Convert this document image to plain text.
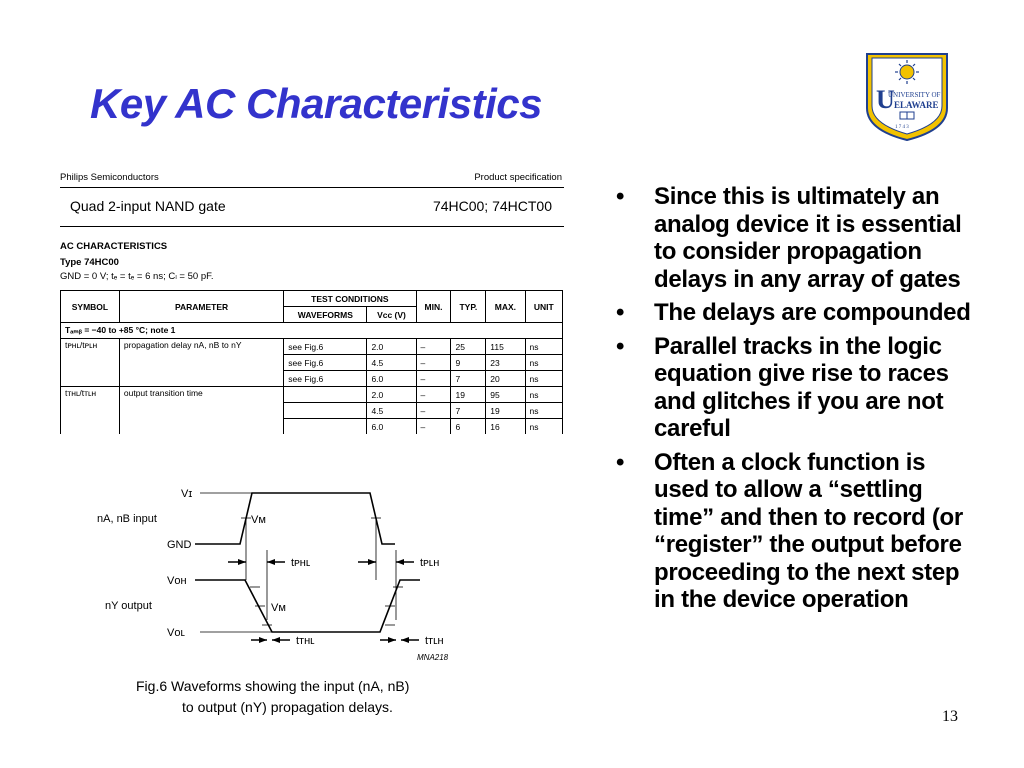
Key AC Characteristics	U
UNIVERSITY OF
ELAWARE
1 7 4 3
Philips Semiconductors	Product specification
Quad 2-input NAND gate	74HC00; 74HCT00
AC CHARACTERISTICS
Type 74HC00
GND = 0 V; tₑ = tₑ = 6 ns; Cₗ = 50 pF.
SYMBOL	PARAMETER	TEST CONDITIONS		MIN.	TYP.	MAX.	UNIT
		WAVEFORMS	Vᴄᴄ (V)				
Tₐₘᵦ = −40 to +85 °C; note 1							
tᴘʜʟ/tᴘʟʜ	propagation delay nA, nB to nY	see Fig.6	2.0	–	25	115	ns
		see Fig.6	4.5	–	9	23	ns
		see Fig.6	6.0	–	7	20	ns
tᴛʜʟ/tᴛʟʜ	output transition time		2.0	–	19	95	ns
			4.5	–	7	19	ns
			6.0	–	6	16	ns
Vɪ
nA, nB input	Vᴍ
GND
tᴘʜʟ	tᴘʟʜ
Vᴏʜ
nY output	Vᴍ
Vᴏʟ
tᴛʜʟ	tᴛʟʜ
MNA218
Fig.6 Waveforms showing the input (nA, nB)
to output (nY) propagation delays.
• Since this is ultimately an analog device it is essential to consider propagation delays in any array of gates
• The delays are compounded
• Parallel tracks in the logic equation give rise to races and glitches if you are not careful
• Often a clock function is used to allow a “settling time” and then to record (or “register” the output before proceeding to the next step in the device operation
13
